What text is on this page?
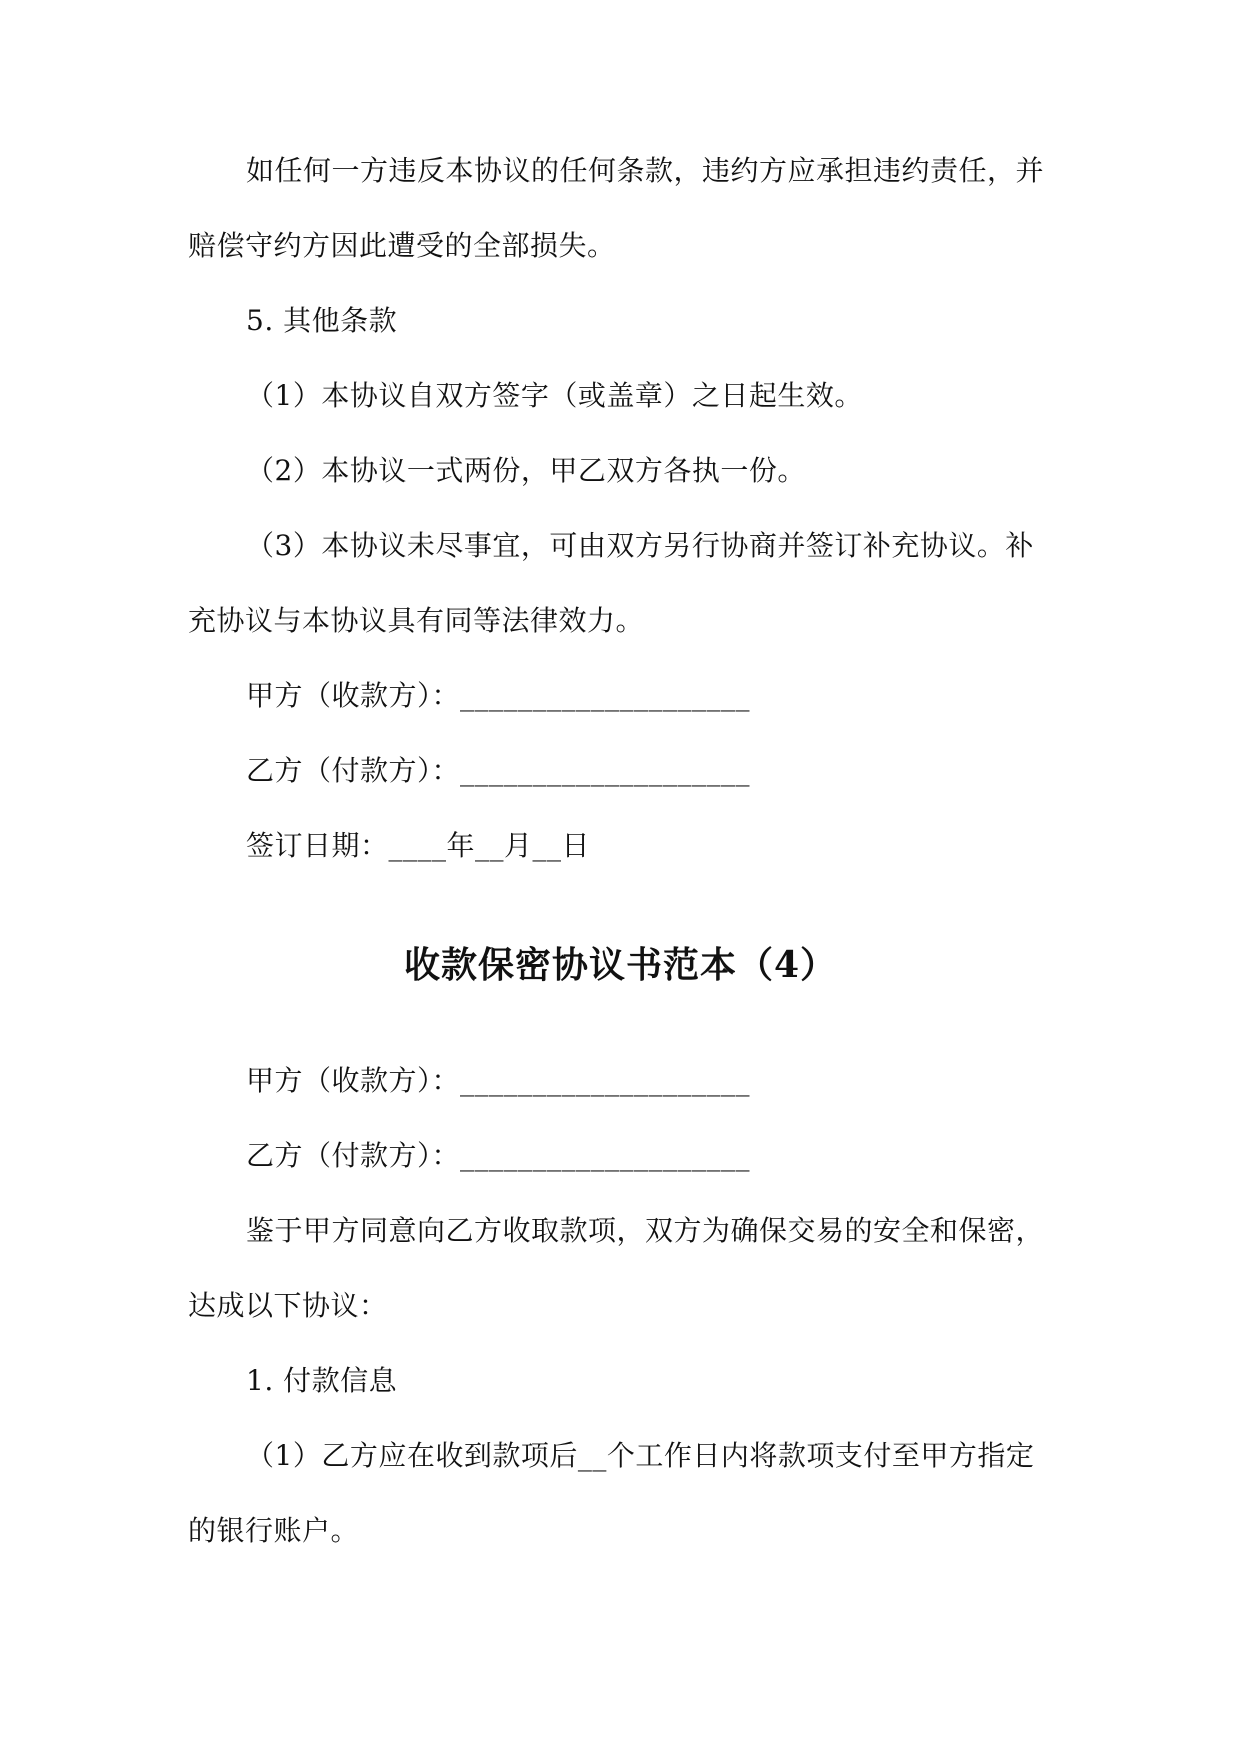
如任何一方违反本协议的任何条款，违约方应承担违约责任，并
赔偿守约方因此遭受的全部损失。
5. 其他条款
（1）本协议自双方签字（或盖章）之日起生效。
（2）本协议一式两份，甲乙双方各执一份。
（3）本协议未尽事宜，可由双方另行协商并签订补充协议。补
充协议与本协议具有同等法律效力。
甲方（收款方）：____________________
乙方（付款方）：____________________
签订日期：____年__月__日
收款保密协议书范本（4）
甲方（收款方）：____________________
乙方（付款方）：____________________
鉴于甲方同意向乙方收取款项，双方为确保交易的安全和保密，
达成以下协议：
1. 付款信息
（1）乙方应在收到款项后__个工作日内将款项支付至甲方指定
的银行账户。
